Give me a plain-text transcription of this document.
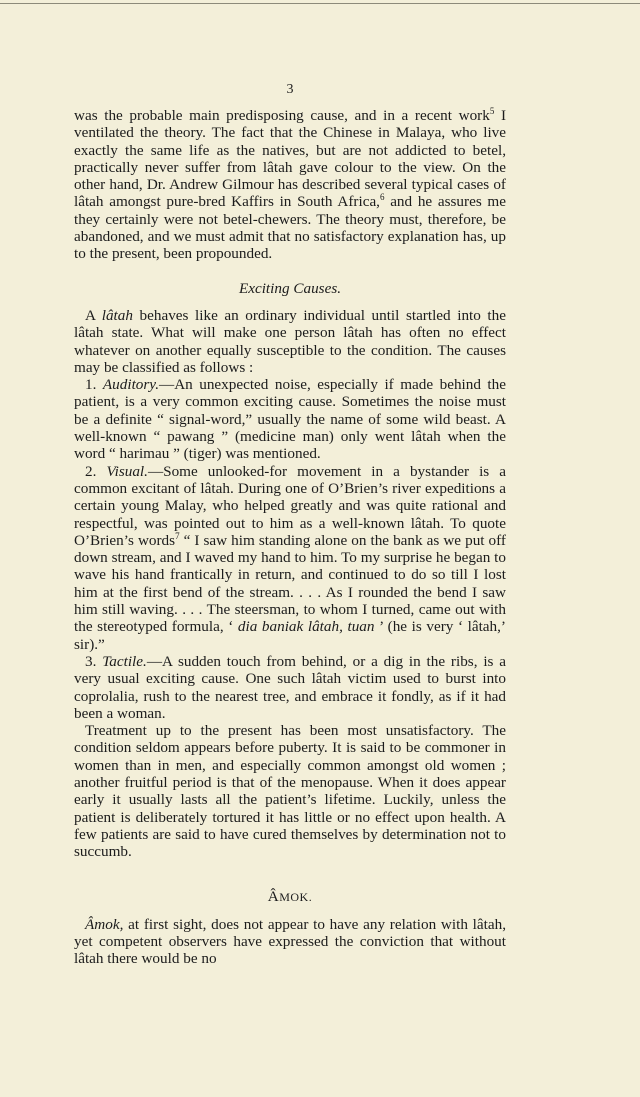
3

was the probable main predisposing cause, and in a recent work$^5$ I ventilated the theory. The fact that the Chinese in Malaya, who live exactly the same life as the natives, but are not addicted to betel, practically never suffer from lâtah gave colour to the view. On the other hand, Dr. Andrew Gilmour has described several typical cases of lâtah amongst pure-bred Kaffirs in South Africa,$^6$ and he assures me they certainly were not betel-chewers. The theory must, therefore, be abandoned, and we must admit that no satisfactory explanation has, up to the present, been propounded.

Exciting Causes.

A lâtah behaves like an ordinary individual until startled into the lâtah state. What will make one person lâtah has often no effect whatever on another equally susceptible to the condition. The causes may be classified as follows :

1. Auditory.—An unexpected noise, especially if made behind the patient, is a very common exciting cause. Sometimes the noise must be a definite “ signal-word,” usually the name of some wild beast. A well-known “ pawang ” (medicine man) only went lâtah when the word “ harimau ” (tiger) was mentioned.

2. Visual.—Some unlooked-for movement in a bystander is a common excitant of lâtah. During one of O’Brien’s river expeditions a certain young Malay, who helped greatly and was quite rational and respectful, was pointed out to him as a well-known lâtah. To quote O’Brien’s words$^7$ “ I saw him standing alone on the bank as we put off down stream, and I waved my hand to him. To my surprise he began to wave his hand frantically in return, and continued to do so till I lost him at the first bend of the stream. . . . As I rounded the bend I saw him still waving. . . . The steersman, to whom I turned, came out with the stereotyped formula, ‘ dia baniak lâtah, tuan ’ (he is very ‘ lâtah,’ sir).”

3. Tactile.—A sudden touch from behind, or a dig in the ribs, is a very usual exciting cause. One such lâtah victim used to burst into coprolalia, rush to the nearest tree, and embrace it fondly, as if it had been a woman.

Treatment up to the present has been most unsatisfactory. The condition seldom appears before puberty. It is said to be commoner in women than in men, and especially common amongst old women ; another fruitful period is that of the menopause. When it does appear early it usually lasts all the patient’s lifetime. Luckily, unless the patient is deliberately tortured it has little or no effect upon health. A few patients are said to have cured themselves by determination not to succumb.

ÂMOK.

Âmok, at first sight, does not appear to have any relation with lâtah, yet competent observers have expressed the conviction that without lâtah there would be no
